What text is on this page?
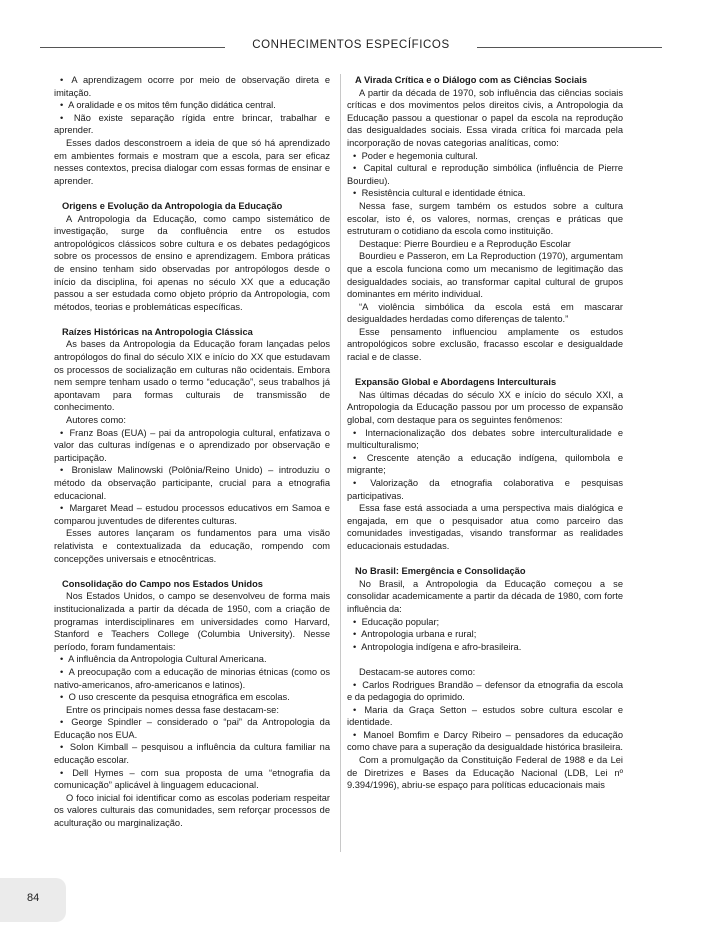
CONHECIMENTOS ESPECÍFICOS

• A aprendizagem ocorre por meio de observação direta e imitação.

• A oralidade e os mitos têm função didática central.

• Não existe separação rígida entre brincar, trabalhar e aprender.

Esses dados desconstroem a ideia de que só há aprendizado em ambientes formais e mostram que a escola, para ser eficaz nesses contextos, precisa dialogar com essas formas de ensinar e aprender.

Origens e Evolução da Antropologia da Educação

A Antropologia da Educação, como campo sistemático de investigação, surge da confluência entre os estudos antropológicos clássicos sobre cultura e os debates pedagógicos sobre os processos de ensino e aprendizagem. Embora práticas de ensino tenham sido observadas por antropólogos desde o início da disciplina, foi apenas no século XX que a educação passou a ser estudada como objeto próprio da Antropologia, com métodos, teorias e problemáticas específicas.

Raízes Históricas na Antropologia Clássica

As bases da Antropologia da Educação foram lançadas pelos antropólogos do final do século XIX e início do XX que estudavam os processos de socialização em culturas não ocidentais. Embora nem sempre tenham usado o termo “educação”, seus trabalhos já apontavam para formas culturais de transmissão de conhecimento.

Autores como:

• Franz Boas (EUA) – pai da antropologia cultural, enfatizava o valor das culturas indígenas e o aprendizado por observação e participação.

• Bronislaw Malinowski (Polônia/Reino Unido) – introduziu o método da observação participante, crucial para a etnografia educacional.

• Margaret Mead – estudou processos educativos em Samoa e comparou juventudes de diferentes culturas.

Esses autores lançaram os fundamentos para uma visão relativista e contextualizada da educação, rompendo com concepções universais e etnocêntricas.

Consolidação do Campo nos Estados Unidos

Nos Estados Unidos, o campo se desenvolveu de forma mais institucionalizada a partir da década de 1950, com a criação de programas interdisciplinares em universidades como Harvard, Stanford e Teachers College (Columbia University). Nesse período, foram fundamentais:

• A influência da Antropologia Cultural Americana.

• A preocupação com a educação de minorias étnicas (como os nativo-americanos, afro-americanos e latinos).

• O uso crescente da pesquisa etnográfica em escolas.

Entre os principais nomes dessa fase destacam-se:

• George Spindler – considerado o “pai” da Antropologia da Educação nos EUA.

• Solon Kimball – pesquisou a influência da cultura familiar na educação escolar.

• Dell Hymes – com sua proposta de uma “etnografia da comunicação” aplicável à linguagem educacional.

O foco inicial foi identificar como as escolas poderiam respeitar os valores culturais das comunidades, sem reforçar processos de aculturação ou marginalização.

A Virada Crítica e o Diálogo com as Ciências Sociais

A partir da década de 1970, sob influência das ciências sociais críticas e dos movimentos pelos direitos civis, a Antropologia da Educação passou a questionar o papel da escola na reprodução das desigualdades sociais. Essa virada crítica foi marcada pela incorporação de novas categorias analíticas, como:

• Poder e hegemonia cultural.

• Capital cultural e reprodução simbólica (influência de Pierre Bourdieu).

• Resistência cultural e identidade étnica.

Nessa fase, surgem também os estudos sobre a cultura escolar, isto é, os valores, normas, crenças e práticas que estruturam o cotidiano da escola como instituição.

Destaque: Pierre Bourdieu e a Reprodução Escolar

Bourdieu e Passeron, em La Reproduction (1970), argumentam que a escola funciona como um mecanismo de legitimação das desigualdades sociais, ao transformar capital cultural de grupos dominantes em mérito individual.

“A violência simbólica da escola está em mascarar desigualdades herdadas como diferenças de talento.”

Esse pensamento influenciou amplamente os estudos antropológicos sobre exclusão, fracasso escolar e desigualdade racial e de classe.

Expansão Global e Abordagens Interculturais

Nas últimas décadas do século XX e início do século XXI, a Antropologia da Educação passou por um processo de expansão global, com destaque para os seguintes fenômenos:

• Internacionalização dos debates sobre interculturalidade e multiculturalismo;

• Crescente atenção a educação indígena, quilombola e migrante;

• Valorização da etnografia colaborativa e pesquisas participativas.

Essa fase está associada a uma perspectiva mais dialógica e engajada, em que o pesquisador atua como parceiro das comunidades investigadas, visando transformar as realidades educacionais estudadas.

No Brasil: Emergência e Consolidação

No Brasil, a Antropologia da Educação começou a se consolidar academicamente a partir da década de 1980, com forte influência da:

• Educação popular;

• Antropologia urbana e rural;

• Antropologia indígena e afro-brasileira.

Destacam-se autores como:

• Carlos Rodrigues Brandão – defensor da etnografia da escola e da pedagogia do oprimido.

• Maria da Graça Setton – estudos sobre cultura escolar e identidade.

• Manoel Bomfim e Darcy Ribeiro – pensadores da educação como chave para a superação da desigualdade histórica brasileira.

Com a promulgação da Constituição Federal de 1988 e da Lei de Diretrizes e Bases da Educação Nacional (LDB, Lei nº 9.394/1996), abriu-se espaço para políticas educacionais mais

84
